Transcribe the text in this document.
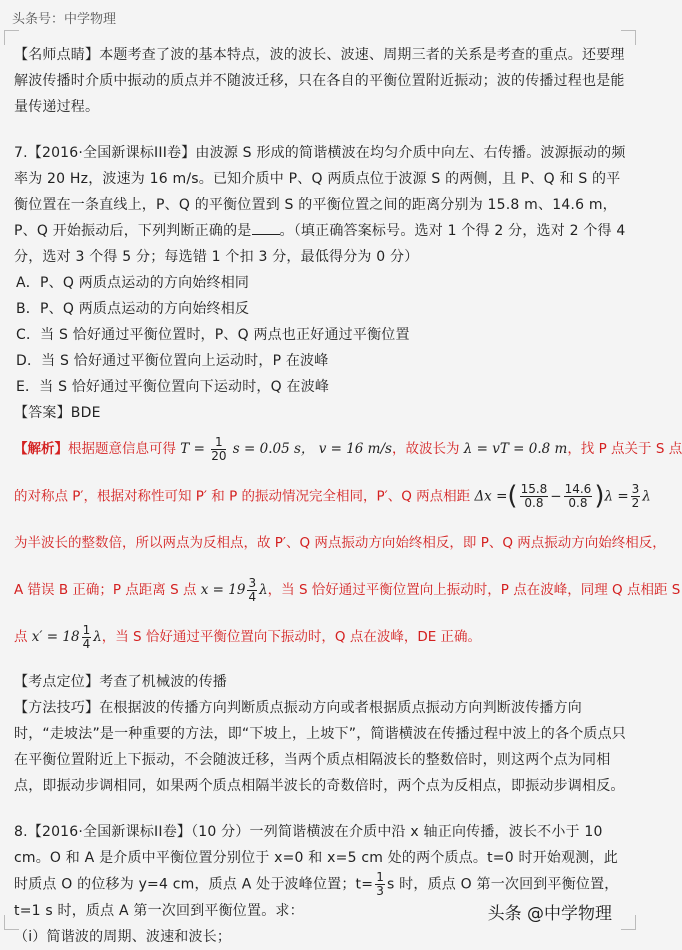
头条号：中学物理

【名师点睛】本题考查了波的基本特点，波的波长、波速、周期三者的关系是考查的重点。还要理解波传播时介质中振动的质点并不随波迁移，只在各自的平衡位置附近振动；波的传播过程也是能量传递过程。

7.【2016·全国新课标III卷】由波源 S 形成的简谐横波在均匀介质中向左、右传播。波源振动的频率为 20 Hz，波速为 16 m/s。已知介质中 P、Q 两质点位于波源 S 的两侧，且 P、Q 和 S 的平衡位置在一条直线上，P、Q 的平衡位置到 S 的平衡位置之间的距离分别为 15.8 m、14.6 m，P、Q 开始振动后，下列判断正确的是 。（填正确答案标号。选对 1 个得 2 分，选对 2 个得 4 分，选对 3 个得 5 分；每选错 1 个扣 3 分，最低得分为 0 分）

A．P、Q 两质点运动的方向始终相同

B．P、Q 两质点运动的方向始终相反

C．当 S 恰好通过平衡位置时，P、Q 两点也正好通过平衡位置

D．当 S 恰好通过平衡位置向上运动时，P 在波峰

E．当 S 恰好通过平衡位置向下运动时，Q 在波峰

【答案】BDE

【解析】根据题意信息可得 $T = \frac{1}{20}$ s = 0.05 s， v = 16 m/s，故波长为 λ = vT = 0.8 m，找 P 点关于 S 点
的对称点 P′，根据对称性可知 P′ 和 P 的振动情况完全相同，P′、Q 两点相距 Δx =( $\frac{15.8}{0.8} - \frac{14.6}{0.8} )\lambda = \frac{3}{2}$ λ
为半波长的整数倍，所以两点为反相点，故 P′、Q 两点振动方向始终相反，即 P、Q 两点振动方向始终相反，
A 错误 B 正确；P 点距离 S 点 $x = 19 \frac{3}{4}$ λ，当 S 恰好通过平衡位置向上振动时，P 点在波峰，同理 Q 点相距 S
点 $x' = 18 \frac{1}{4}$ λ，当 S 恰好通过平衡位置向下振动时，Q 点在波峰，DE 正确。

【考点定位】考查了机械波的传播

【方法技巧】在根据波的传播方向判断质点振动方向或者根据质点振动方向判断波传播方向时，“走坡法”是一种重要的方法，即“下坡上，上坡下”，简谐横波在传播过程中波上的各个质点只在平衡位置附近上下振动，不会随波迁移，当两个质点相隔波长的整数倍时，则这两个点为同相点，即振动步调相同，如果两个质点相隔半波长的奇数倍时，两个点为反相点，即振动步调相反。

8.【2016·全国新课标II卷】（10 分）一列简谐横波在介质中沿 x 轴正向传播，波长不小于 10 cm。O 和 A 是介质中平衡位置分别位于 x=0 和 x=5 cm 处的两个质点。t=0 时开始观测，此时质点 O 的位移为 y=4 cm，质点 A 处于波峰位置；$t= \frac{1}{3}$ s 时，质点 O 第一次回到平衡位置，t=1 s 时，质点 A 第一次回到平衡位置。求：

（i）简谐波的周期、波速和波长；

头条 @中学物理
